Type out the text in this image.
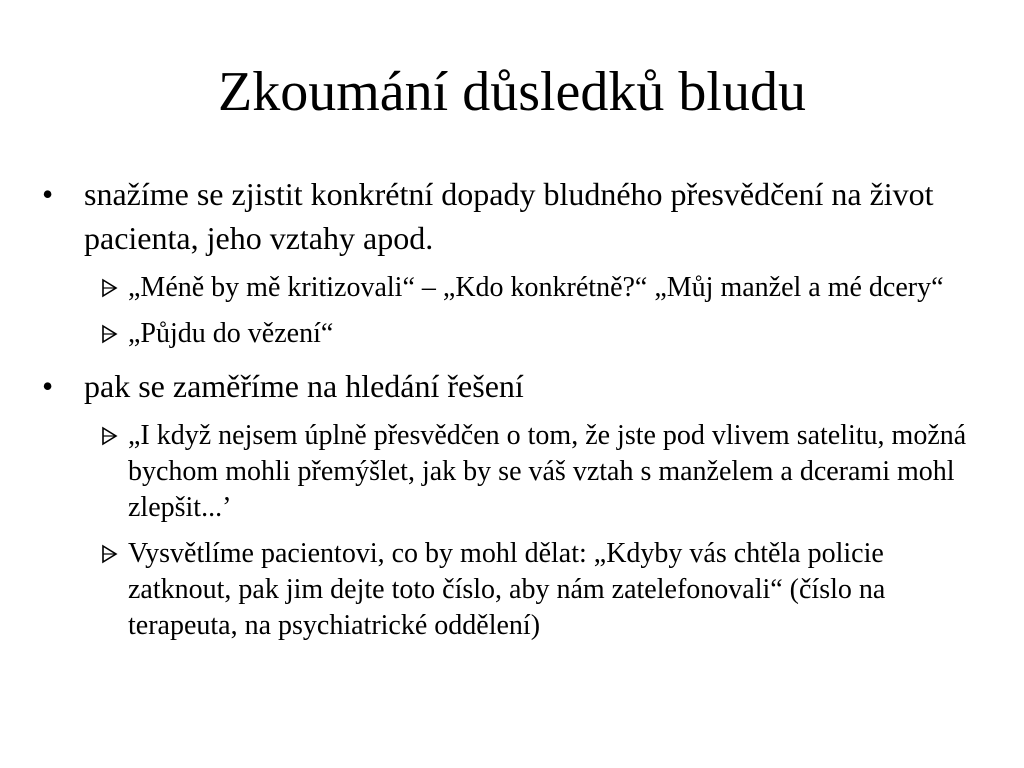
Zkoumání důsledků bludu
• snažíme se zjistit konkrétní dopady bludného přesvědčení na život pacienta, jeho vztahy apod.
„Méně by mě kritizovali“ – „Kdo konkrétně?“ „Můj manžel a mé dcery“
„Půjdu do vězení“
• pak se zaměříme na hledání řešení
„I když nejsem úplně přesvědčen o tom, že jste pod vlivem satelitu, možná bychom mohli přemýšlet, jak by se váš vztah s manželem a dcerami mohl zlepšit...’
Vysvětlíme pacientovi, co by mohl dělat: „Kdyby vás chtěla policie zatknout, pak jim dejte toto číslo, aby nám zatelefonovali“ (číslo na terapeuta, na psychiatrické oddělení)
